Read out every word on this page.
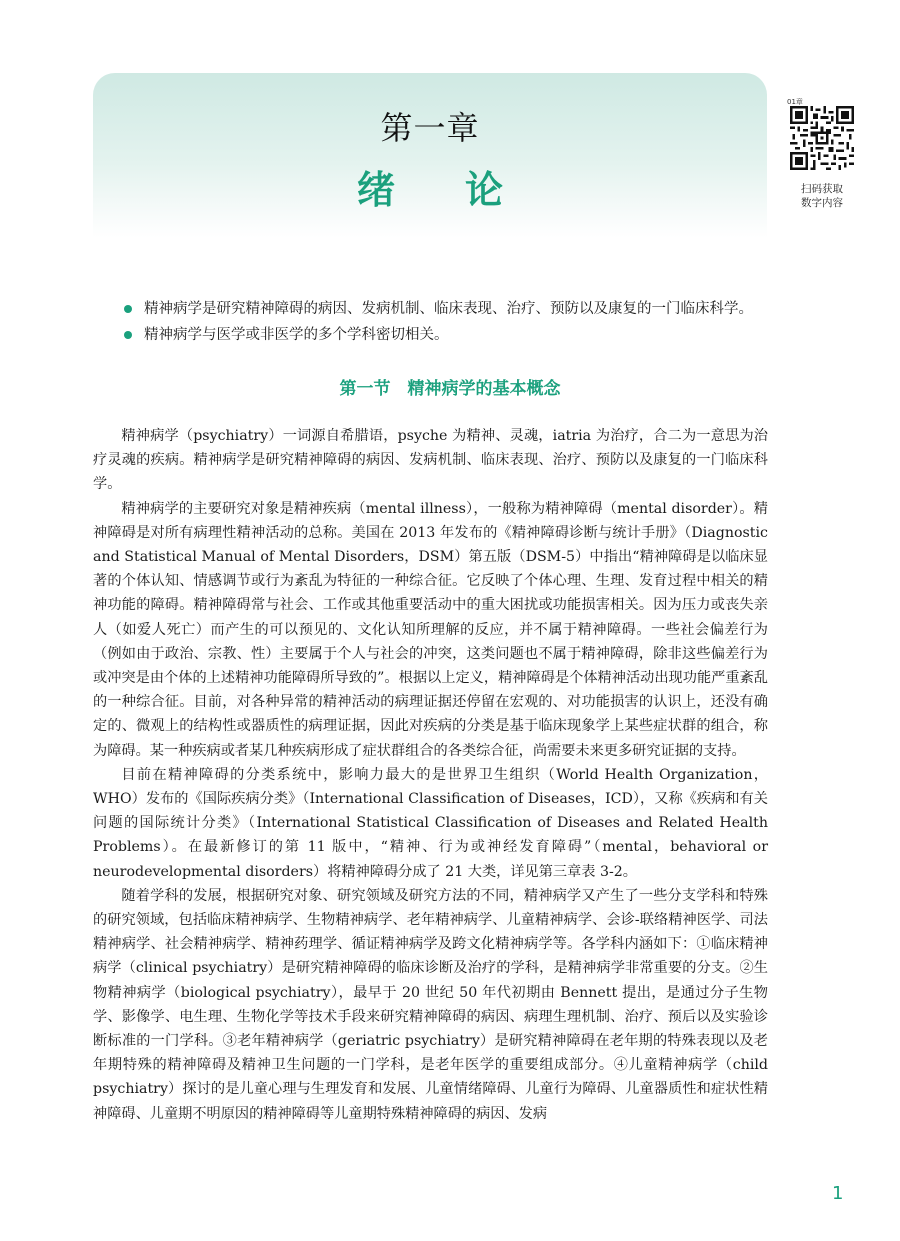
第一章
绪论
01章
扫码获取
数字内容
精神病学是研究精神障碍的病因、发病机制、临床表现、治疗、预防以及康复的一门临床科学。
精神病学与医学或非医学的多个学科密切相关。
第一节　精神病学的基本概念

精神病学（psychiatry）一词源自希腊语，psyche 为精神、灵魂，iatria 为治疗，合二为一意思为治疗灵魂的疾病。精神病学是研究精神障碍的病因、发病机制、临床表现、治疗、预防以及康复的一门临床科学。

精神病学的主要研究对象是精神疾病（mental illness），一般称为精神障碍（mental disorder）。精神障碍是对所有病理性精神活动的总称。美国在 2013 年发布的《精神障碍诊断与统计手册》（Diagnostic and Statistical Manual of Mental Disorders，DSM）第五版（DSM-5）中指出“精神障碍是以临床显著的个体认知、情感调节或行为紊乱为特征的一种综合征。它反映了个体心理、生理、发育过程中相关的精神功能的障碍。精神障碍常与社会、工作或其他重要活动中的重大困扰或功能损害相关。因为压力或丧失亲人（如爱人死亡）而产生的可以预见的、文化认知所理解的反应，并不属于精神障碍。一些社会偏差行为（例如由于政治、宗教、性）主要属于个人与社会的冲突，这类问题也不属于精神障碍，除非这些偏差行为或冲突是由个体的上述精神功能障碍所导致的”。根据以上定义，精神障碍是个体精神活动出现功能严重紊乱的一种综合征。目前，对各种异常的精神活动的病理证据还停留在宏观的、对功能损害的认识上，还没有确定的、微观上的结构性或器质性的病理证据，因此对疾病的分类是基于临床现象学上某些症状群的组合，称为障碍。某一种疾病或者某几种疾病形成了症状群组合的各类综合征，尚需要未来更多研究证据的支持。

目前在精神障碍的分类系统中，影响力最大的是世界卫生组织（World Health Organization，WHO）发布的《国际疾病分类》（International Classification of Diseases，ICD），又称《疾病和有关问题的国际统计分类》（International Statistical Classification of Diseases and Related Health Problems）。在最新修订的第 11 版中，“精神、行为或神经发育障碍”（mental，behavioral or neurodevelopmental disorders）将精神障碍分成了 21 大类，详见第三章表 3-2。

随着学科的发展，根据研究对象、研究领域及研究方法的不同，精神病学又产生了一些分支学科和特殊的研究领域，包括临床精神病学、生物精神病学、老年精神病学、儿童精神病学、会诊-联络精神医学、司法精神病学、社会精神病学、精神药理学、循证精神病学及跨文化精神病学等。各学科内涵如下：①临床精神病学（clinical psychiatry）是研究精神障碍的临床诊断及治疗的学科，是精神病学非常重要的分支。②生物精神病学（biological psychiatry），最早于 20 世纪 50 年代初期由 Bennett 提出，是通过分子生物学、影像学、电生理、生物化学等技术手段来研究精神障碍的病因、病理生理机制、治疗、预后以及实验诊断标准的一门学科。③老年精神病学（geriatric psychiatry）是研究精神障碍在老年期的特殊表现以及老年期特殊的精神障碍及精神卫生问题的一门学科，是老年医学的重要组成部分。④儿童精神病学（child psychiatry）探讨的是儿童心理与生理发育和发展、儿童情绪障碍、儿童行为障碍、儿童器质性和症状性精神障碍、儿童期不明原因的精神障碍等儿童期特殊精神障碍的病因、发病

1
